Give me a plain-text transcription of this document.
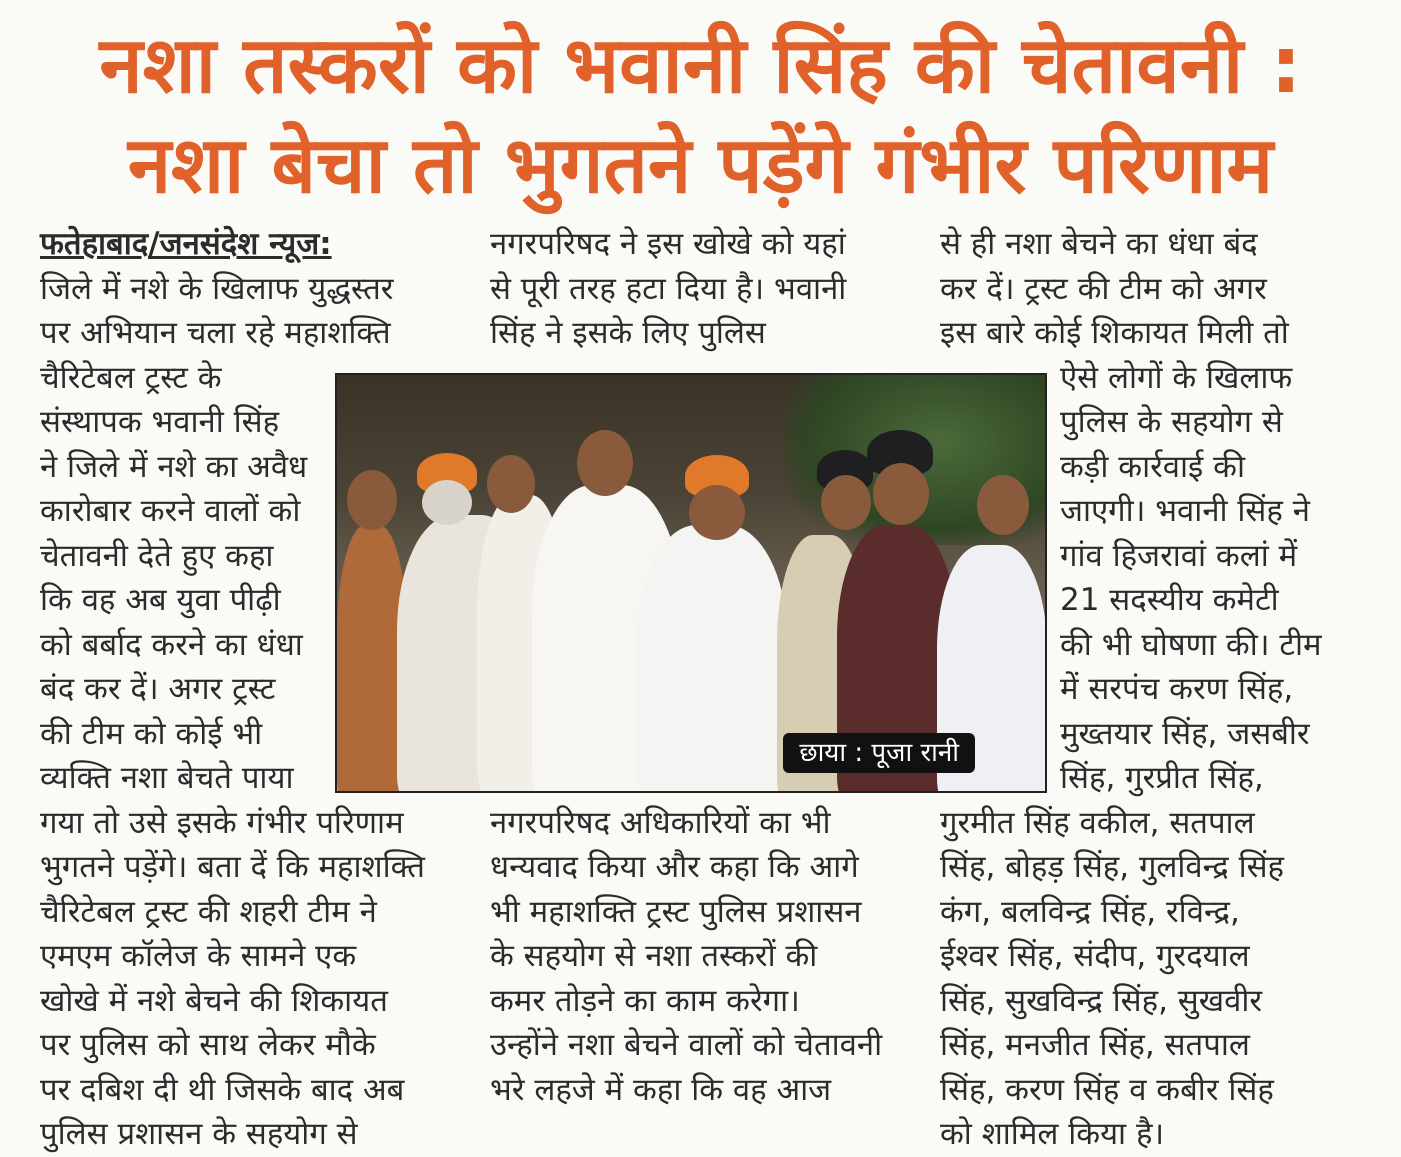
नशा तस्करों को भवानी सिंह की चेतावनी :
नशा बेचा तो भुगतने पड़ेंगे गंभीर परिणाम
फतेहाबाद/जनसंदेश न्यूज:
जिले में नशे के खिलाफ युद्धस्तर
पर अभियान चला रहे महाशक्ति
चैरिटेबल ट्रस्ट के
संस्थापक भवानी सिंह
ने जिले में नशे का अवैध
कारोबार करने वालों को
चेतावनी देते हुए कहा
कि वह अब युवा पीढ़ी
को बर्बाद करने का धंधा
बंद कर दें। अगर ट्रस्ट
की टीम को कोई भी
व्यक्ति नशा बेचते पाया
गया तो उसे इसके गंभीर परिणाम
भुगतने पड़ेंगे। बता दें कि महाशक्ति
चैरिटेबल ट्रस्ट की शहरी टीम ने
एमएम कॉलेज के सामने एक
खोखे में नशे बेचने की शिकायत
पर पुलिस को साथ लेकर मौके
पर दबिश दी थी जिसके बाद अब
पुलिस प्रशासन के सहयोग से
नगरपरिषद ने इस खोखे को यहां
से पूरी तरह हटा दिया है। भवानी
सिंह ने इसके लिए पुलिस
नगरपरिषद अधिकारियों का भी
धन्यवाद किया और कहा कि आगे
भी महाशक्ति ट्रस्ट पुलिस प्रशासन
के सहयोग से नशा तस्करों की
कमर तोड़ने का काम करेगा।
उन्होंने नशा बेचने वालों को चेतावनी
भरे लहजे में कहा कि वह आज
से ही नशा बेचने का धंधा बंद
कर दें। ट्रस्ट की टीम को अगर
इस बारे कोई शिकायत मिली तो
ऐसे लोगों के खिलाफ
पुलिस के सहयोग से
कड़ी कार्रवाई की
जाएगी। भवानी सिंह ने
गांव हिजरावां कलां में
21 सदस्यीय कमेटी
की भी घोषणा की। टीम
में सरपंच करण सिंह,
मुख्तयार सिंह, जसबीर
सिंह, गुरप्रीत सिंह,
गुरमीत सिंह वकील, सतपाल
सिंह, बोहड़ सिंह, गुलविन्द्र सिंह
कंग, बलविन्द्र सिंह, रविन्द्र,
ईश्वर सिंह, संदीप, गुरदयाल
सिंह, सुखविन्द्र सिंह, सुखवीर
सिंह, मनजीत सिंह, सतपाल
सिंह, करण सिंह व कबीर सिंह
को शामिल किया है।
छाया : पूजा रानी
